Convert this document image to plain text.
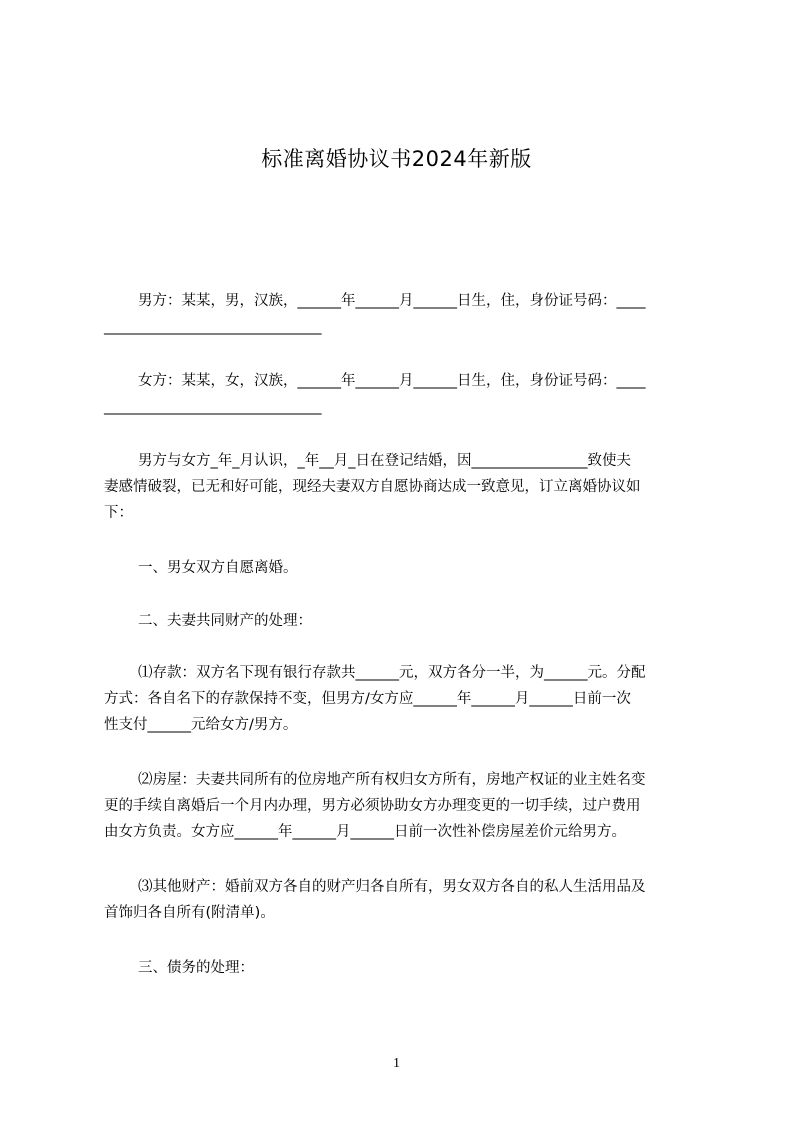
标准离婚协议书2024年新版
男方：某某，男，汉族，______年______月______日生，住，身份证号码：____
______________________________
女方：某某，女，汉族，______年______月______日生，住，身份证号码：____
______________________________
男方与女方_年_月认识，_年__月_日在登记结婚，因________________致使夫
妻感情破裂，已无和好可能，现经夫妻双方自愿协商达成一致意见，订立离婚协议如
下：
一、男女双方自愿离婚。
二、夫妻共同财产的处理：
⑴存款：双方名下现有银行存款共______元，双方各分一半，为______元。分配
方式：各自名下的存款保持不变，但男方/女方应______年______月______日前一次
性支付______元给女方/男方。
⑵房屋：夫妻共同所有的位房地产所有权归女方所有，房地产权证的业主姓名变
更的手续自离婚后一个月内办理，男方必须协助女方办理变更的一切手续，过户费用
由女方负责。女方应______年______月______日前一次性补偿房屋差价元给男方。
⑶其他财产：婚前双方各自的财产归各自所有，男女双方各自的私人生活用品及
首饰归各自所有(附清单)。
三、债务的处理：
1
